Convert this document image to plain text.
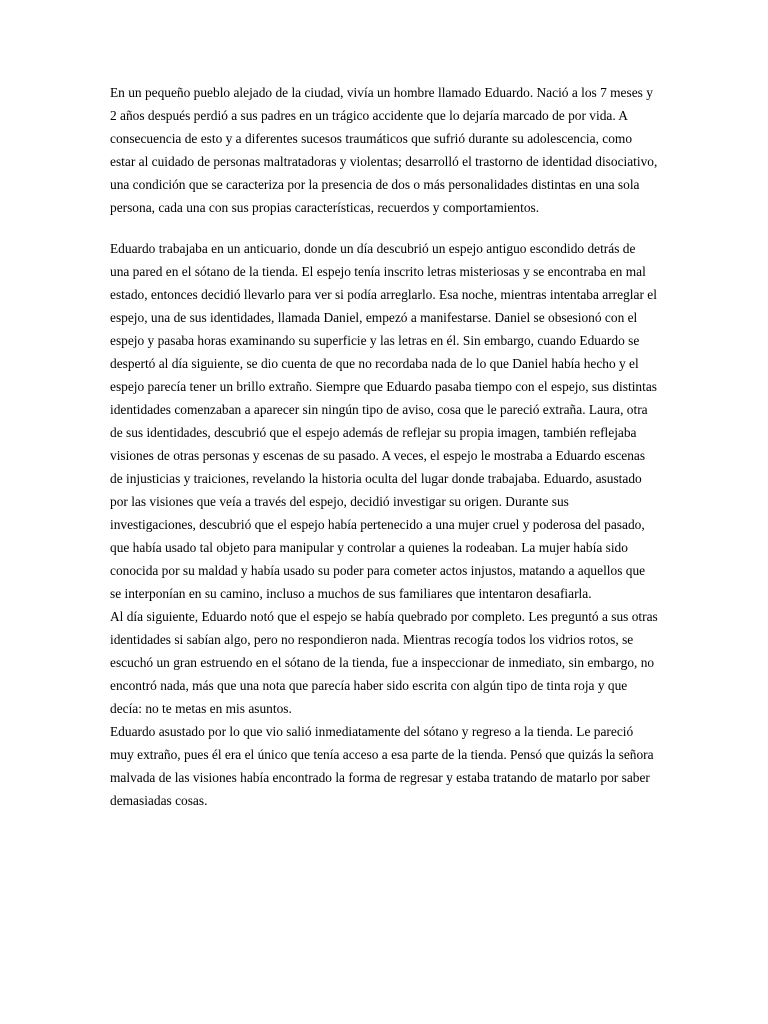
En un pequeño pueblo alejado de la ciudad, vivía un hombre llamado Eduardo. Nació a los 7 meses y 2 años después perdió a sus padres en un trágico accidente que lo dejaría marcado de por vida. A consecuencia de esto y a diferentes sucesos traumáticos que sufrió durante su adolescencia, como estar al cuidado de personas maltratadoras y violentas; desarrolló el trastorno de identidad disociativo, una condición que se caracteriza por la presencia de dos o más personalidades distintas en una sola persona, cada una con sus propias características, recuerdos y comportamientos.

Eduardo trabajaba en un anticuario, donde un día descubrió un espejo antiguo escondido detrás de una pared en el sótano de la tienda. El espejo tenía inscrito letras misteriosas y se encontraba en mal estado, entonces decidió llevarlo para ver si podía arreglarlo. Esa noche, mientras intentaba arreglar el espejo, una de sus identidades, llamada Daniel, empezó a manifestarse. Daniel se obsesionó con el espejo y pasaba horas examinando su superficie y las letras en él. Sin embargo, cuando Eduardo se despertó al día siguiente, se dio cuenta de que no recordaba nada de lo que Daniel había hecho y el espejo parecía tener un brillo extraño. Siempre que Eduardo pasaba tiempo con el espejo, sus distintas identidades comenzaban a aparecer sin ningún tipo de aviso, cosa que le pareció extraña. Laura, otra de sus identidades, descubrió que el espejo además de reflejar su propia imagen, también reflejaba visiones de otras personas y escenas de su pasado. A veces, el espejo le mostraba a Eduardo escenas de injusticias y traiciones, revelando la historia oculta del lugar donde trabajaba. Eduardo, asustado por las visiones que veía a través del espejo, decidió investigar su origen. Durante sus investigaciones, descubrió que el espejo había pertenecido a una mujer cruel y poderosa del pasado, que había usado tal objeto para manipular y controlar a quienes la rodeaban. La mujer había sido conocida por su maldad y había usado su poder para cometer actos injustos, matando a aquellos que se interponían en su camino, incluso a muchos de sus familiares que intentaron desafiarla.

Al día siguiente, Eduardo notó que el espejo se había quebrado por completo. Les preguntó a sus otras identidades si sabían algo, pero no respondieron nada. Mientras recogía todos los vidrios rotos, se escuchó un gran estruendo en el sótano de la tienda, fue a inspeccionar de inmediato, sin embargo, no encontró nada, más que una nota que parecía haber sido escrita con algún tipo de tinta roja y que decía: no te metas en mis asuntos.

Eduardo asustado por lo que vio salió inmediatamente del sótano y regreso a la tienda. Le pareció muy extraño, pues él era el único que tenía acceso a esa parte de la tienda. Pensó que quizás la señora malvada de las visiones había encontrado la forma de regresar y estaba tratando de matarlo por saber demasiadas cosas.
